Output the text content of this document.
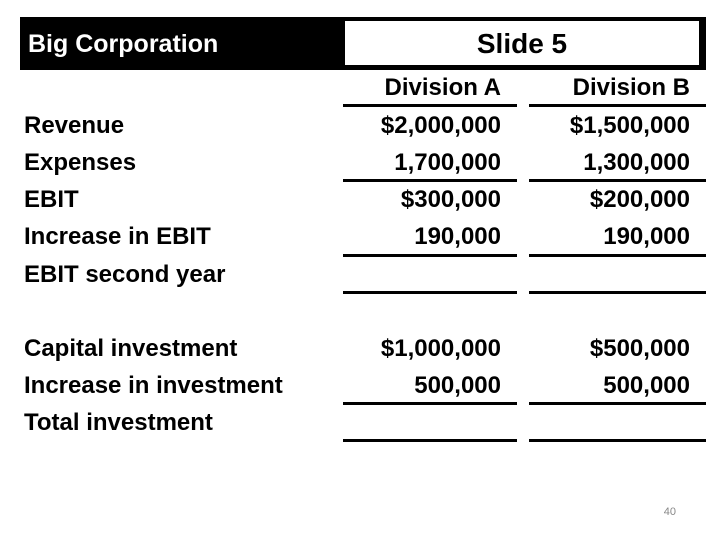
Big Corporation	Slide 5
Division A	Division B
Revenue
Expenses
EBIT
Increase in EBIT
EBIT second year
Capital investment
Increase in investment
Total investment
$2,000,000
1,700,000
$300,000
190,000
$1,000,000
500,000
$1,500,000
1,300,000
$200,000
190,000
$500,000
500,000
40
